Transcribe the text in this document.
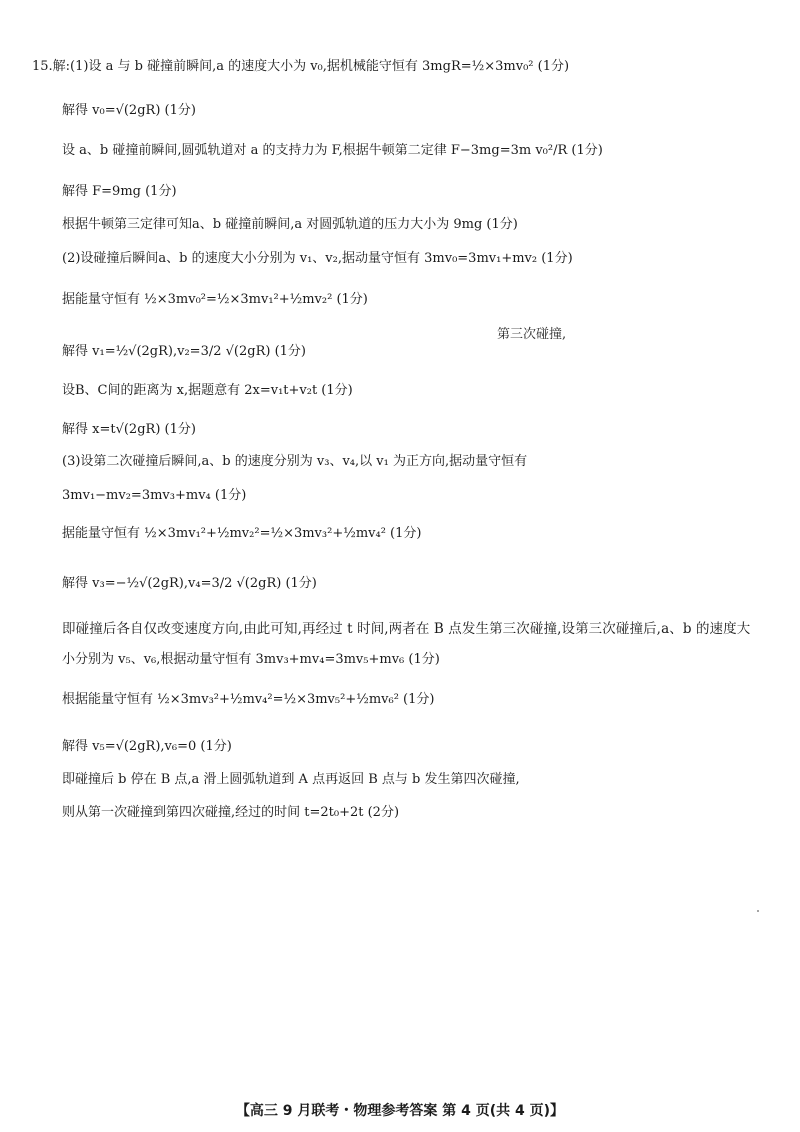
15.解:(1)设 a 与 b 碰撞前瞬间,a 的速度大小为 v₀,据机械能守恒有 3mgR=½×3mv₀² (1分)
解得 v₀=√(2gR) (1分)
设 a、b 碰撞前瞬间,圆弧轨道对 a 的支持力为 F,根据牛顿第二定律 F−3mg=3m v₀²/R (1分)
解得 F=9mg (1分)
根据牛顿第三定律可知a、b 碰撞前瞬间,a 对圆弧轨道的压力大小为 9mg (1分)
(2)设碰撞后瞬间a、b 的速度大小分别为 v₁、v₂,据动量守恒有 3mv₀=3mv₁+mv₂ (1分)
据能量守恒有 ½×3mv₀²=½×3mv₁²+½mv₂² (1分)
解得 v₁=½√(2gR),v₂=3/2 √(2gR) (1分)
设B、C间的距离为 x,据题意有 2x=v₁t+v₂t (1分)
解得 x=t√(2gR) (1分)
(3)设第二次碰撞后瞬间,a、b 的速度分别为 v₃、v₄,以 v₁ 为正方向,据动量守恒有
3mv₁−mv₂=3mv₃+mv₄ (1分)
据能量守恒有 ½×3mv₁²+½mv₂²=½×3mv₃²+½mv₄² (1分)
解得 v₃=−½√(2gR),v₄=3/2 √(2gR) (1分)
即碰撞后各自仅改变速度方向,由此可知,再经过 t 时间,两者在 B 点发生第三次碰撞,设第三次碰撞后,a、b 的速度大
小分别为 v₅、v₆,根据动量守恒有 3mv₃+mv₄=3mv₅+mv₆ (1分)
根据能量守恒有 ½×3mv₃²+½mv₄²=½×3mv₅²+½mv₆² (1分)
解得 v₅=√(2gR),v₆=0 (1分)
即碰撞后 b 停在 B 点,a 滑上圆弧轨道到 A 点再返回 B 点与 b 发生第四次碰撞,
则从第一次碰撞到第四次碰撞,经过的时间 t=2t₀+2t (2分)
第三次碰撞,
【高三 9 月联考・物理参考答案 第 4 页(共 4 页)】
